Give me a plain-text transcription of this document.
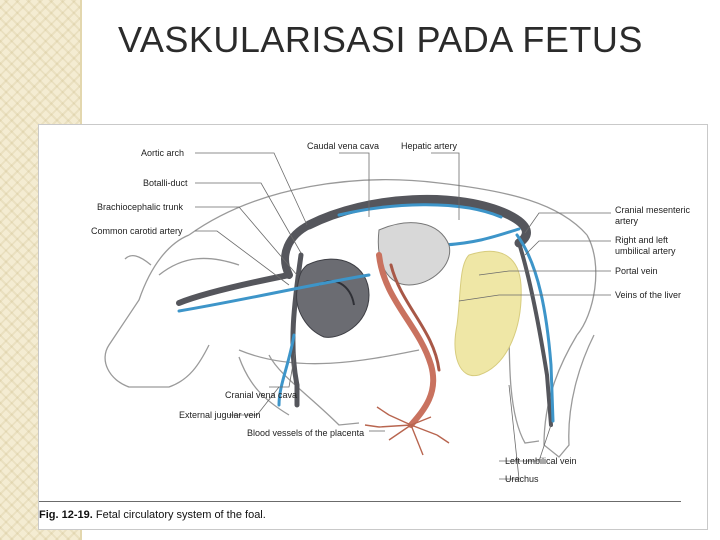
VASKULARISASI PADA FETUS
Aortic arch
Botalli-duct
Brachiocephalic trunk
Common carotid artery
Caudal vena cava Hepatic artery
Cranial mesenteric
artery
Right and left
umbilical artery
Portal vein
Veins of the liver
Left umbilical vein
Urachus
Cranial vena cava
External jugular vein
Blood vessels of the placenta
Fig. 12-19. Fetal circulatory system of the foal.
